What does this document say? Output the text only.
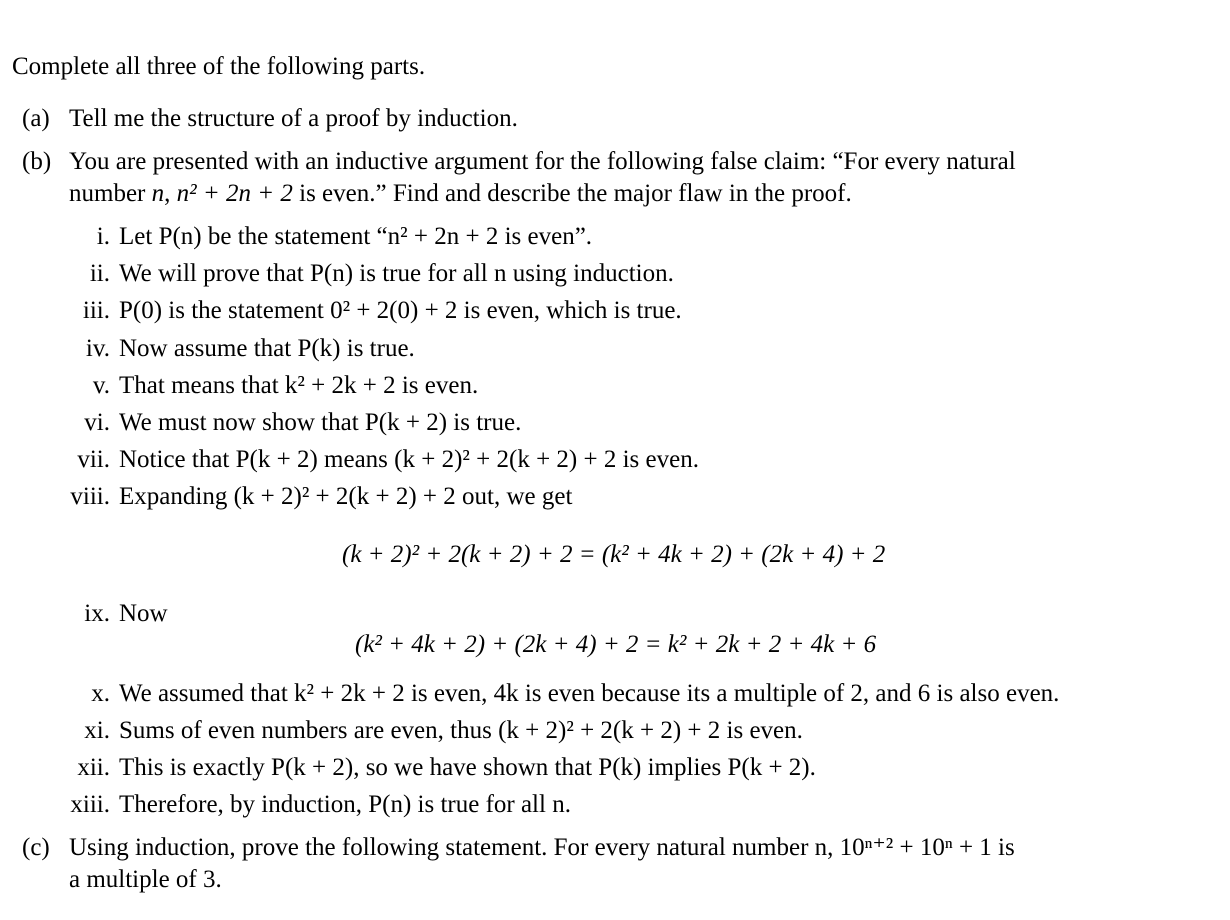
Complete all three of the following parts.
(a) Tell me the structure of a proof by induction.
(b) You are presented with an inductive argument for the following false claim: “For every natural
number n, n² + 2n + 2 is even.” Find and describe the major flaw in the proof.
i. Let P(n) be the statement “n² + 2n + 2 is even”.
ii. We will prove that P(n) is true for all n using induction.
iii. P(0) is the statement 0² + 2(0) + 2 is even, which is true.
iv. Now assume that P(k) is true.
v. That means that k² + 2k + 2 is even.
vi. We must now show that P(k + 2) is true.
vii. Notice that P(k + 2) means (k + 2)² + 2(k + 2) + 2 is even.
viii. Expanding (k + 2)² + 2(k + 2) + 2 out, we get
(k + 2)² + 2(k + 2) + 2 = (k² + 4k + 2) + (2k + 4) + 2
ix. Now
(k² + 4k + 2) + (2k + 4) + 2 = k² + 2k + 2 + 4k + 6
x. We assumed that k² + 2k + 2 is even, 4k is even because its a multiple of 2, and 6 is also even.
xi. Sums of even numbers are even, thus (k + 2)² + 2(k + 2) + 2 is even.
xii. This is exactly P(k + 2), so we have shown that P(k) implies P(k + 2).
xiii. Therefore, by induction, P(n) is true for all n.
(c) Using induction, prove the following statement. For every natural number n, 10ⁿ⁺² + 10ⁿ + 1 is
a multiple of 3.
